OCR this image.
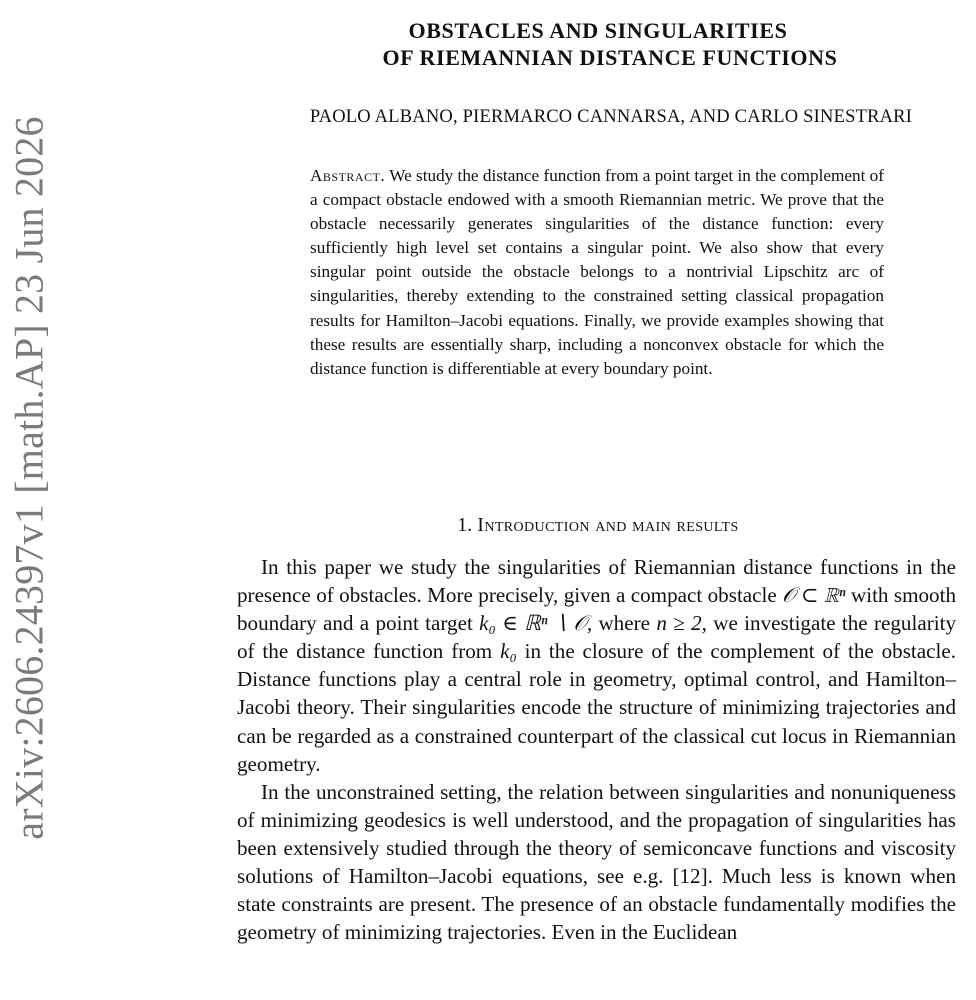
arXiv:2606.24397v1 [math.AP] 23 Jun 2026
OBSTACLES AND SINGULARITIES
OF RIEMANNIAN DISTANCE FUNCTIONS
PAOLO ALBANO, PIERMARCO CANNARSA, AND CARLO SINESTRARI
Abstract. We study the distance function from a point target in the complement of a compact obstacle endowed with a smooth Riemannian metric. We prove that the obstacle necessarily generates singularities of the distance function: every sufficiently high level set contains a singular point. We also show that every singular point outside the obstacle belongs to a nontrivial Lipschitz arc of singularities, thereby extending to the constrained setting classical propagation results for Hamilton–Jacobi equations. Finally, we provide examples showing that these results are essentially sharp, including a nonconvex obstacle for which the distance function is differentiable at every boundary point.
1. Introduction and main results

In this paper we study the singularities of Riemannian distance functions in the presence of obstacles. More precisely, given a compact obstacle 𝒪 ⊂ ℝⁿ with smooth boundary and a point target k₀ ∈ ℝⁿ ∖ 𝒪, where n ≥ 2, we investigate the regularity of the distance function from k₀ in the closure of the complement of the obstacle. Distance functions play a central role in geometry, optimal control, and Hamilton–Jacobi theory. Their singularities encode the structure of minimizing trajectories and can be regarded as a constrained counterpart of the classical cut locus in Riemannian geometry.

In the unconstrained setting, the relation between singularities and nonuniqueness of minimizing geodesics is well understood, and the propagation of singularities has been extensively studied through the theory of semiconcave functions and viscosity solutions of Hamilton–Jacobi equations, see e.g. [12]. Much less is known when state constraints are present. The presence of an obstacle fundamentally modifies the geometry of minimizing trajectories. Even in the Euclidean
